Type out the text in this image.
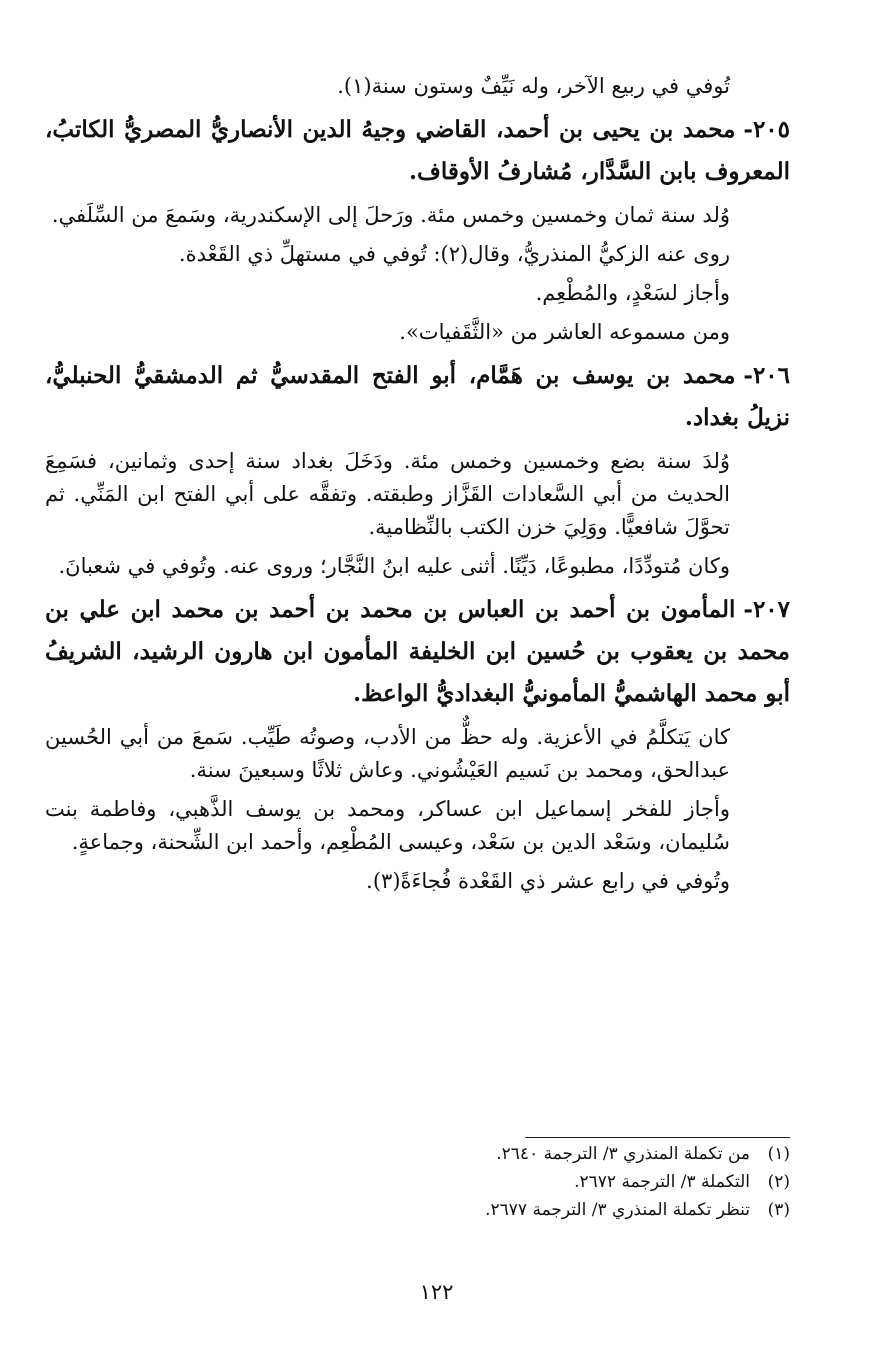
تُوفي في ربيع الآخر، وله نَيِّفٌ وستون سنة(١).

٢٠٥-محمد بن يحيى بن أحمد، القاضي وجيهُ الدين الأنصاريُّ المصريُّ الكاتبُ، المعروف بابن السَّدَّار، مُشارفُ الأوقاف.

وُلد سنة ثمان وخمسين وخمس مئة. ورَحلَ إلى الإسكندرية، وسَمعَ من السِّلَفي.

روى عنه الزكيُّ المنذريُّ، وقال(٢): تُوفي في مستهلِّ ذي القَعْدة.

وأجاز لسَعْدٍ، والمُطْعِم.

ومن مسموعه العاشر من «الثَّقَفيات».

٢٠٦-محمد بن يوسف بن هَمَّام، أبو الفتح المقدسيُّ ثم الدمشقيُّ الحنبليُّ، نزيلُ بغداد.

وُلدَ سنة بضع وخمسين وخمس مئة. ودَخَلَ بغداد سنة إحدى وثمانين، فسَمِعَ الحديث من أبي السَّعادات القَزَّاز وطبقته. وتفقَّه على أبي الفتح ابن المَنِّي. ثم تحوَّلَ شافعيًّا. ووَلِيَ خزن الكتب بالنِّظامية.

وكان مُتودِّدًا، مطبوعًا، دَيِّنًا. أثنى عليه ابنُ النَّجَّار؛ وروى عنه. وتُوفي في شعبانَ.

٢٠٧-المأمون بن أحمد بن العباس بن محمد بن أحمد بن محمد ابن علي بن محمد بن يعقوب بن حُسين ابن الخليفة المأمون ابن هارون الرشيد، الشريفُ أبو محمد الهاشميُّ المأمونيُّ البغداديُّ الواعظ.

كان يَتكلَّمُ في الأعزية. وله حظٌّ من الأدب، وصوتُه طَيِّب. سَمعَ من أبي الحُسين عبدالحق، ومحمد بن نَسيم العَيْشُوني. وعاش ثلاثًا وسبعينَ سنة.

وأجاز للفخر إسماعيل ابن عساكر، ومحمد بن يوسف الذَّهبي، وفاطمة بنت سُليمان، وسَعْد الدين بن سَعْد، وعيسى المُطْعِم، وأحمد ابن الشِّحنة، وجماعةٍ.

وتُوفي في رابع عشر ذي القَعْدة فُجاءَةً(٣).

(١)
من تكملة المنذري ٣/ الترجمة ٢٦٤٠.
(٢)
التكملة ٣/ الترجمة ٢٦٧٢.
(٣)
تنظر تكملة المنذري ٣/ الترجمة ٢٦٧٧.
١٢٢
